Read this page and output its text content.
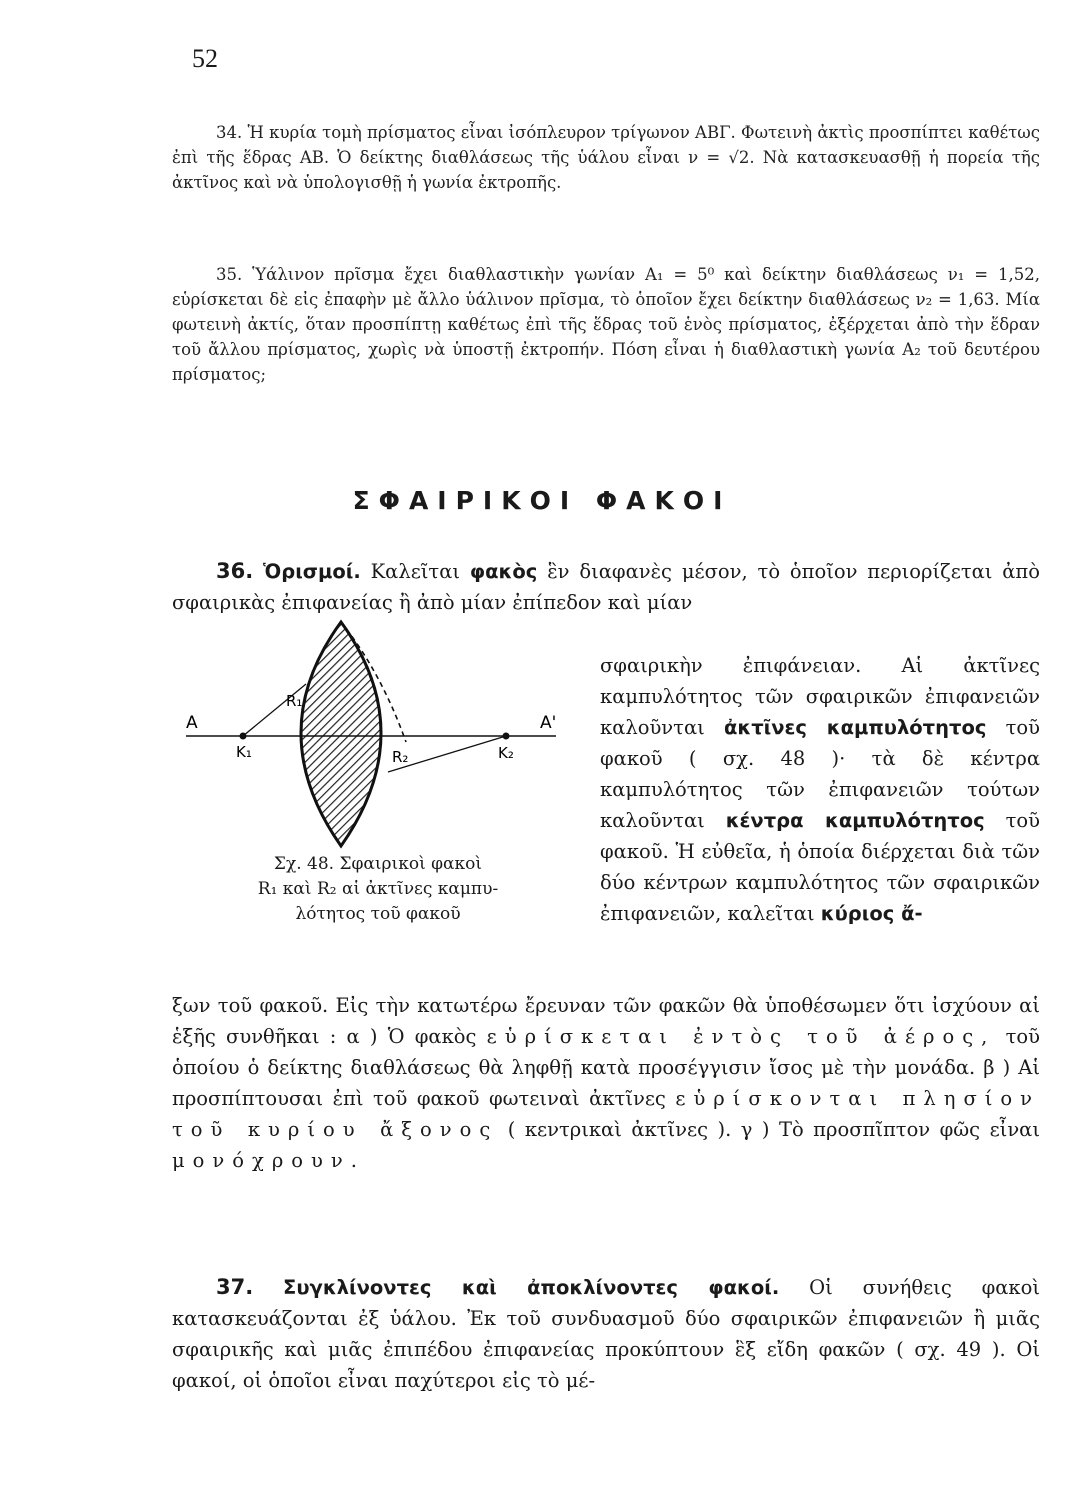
52

34. Ἡ κυρία τομὴ πρίσματος εἶναι ἰσόπλευρον τρίγωνον ΑΒΓ. Φωτεινὴ ἀκτὶς προσπίπτει καθέτως ἐπὶ τῆς ἕδρας ΑΒ. Ὁ δείκτης διαθλάσεως τῆς ὑάλου εἶναι ν = √2. Νὰ κατασκευασθῇ ἡ πορεία τῆς ἀκτῖνος καὶ νὰ ὑπολογισθῇ ἡ γωνία ἐκτροπῆς.

35. Ὑάλινον πρῖσμα ἔχει διαθλαστικὴν γωνίαν Α₁ = 5⁰ καὶ δείκτην διαθλάσεως ν₁ = 1,52, εὑρίσκεται δὲ εἰς ἐπαφὴν μὲ ἄλλο ὑάλινον πρῖσμα, τὸ ὁποῖον ἔχει δείκτην διαθλάσεως ν₂ = 1,63. Μία φωτεινὴ ἀκτίς, ὅταν προσπίπτῃ καθέτως ἐπὶ τῆς ἕδρας τοῦ ἑνὸς πρίσματος, ἐξέρχεται ἀπὸ τὴν ἕδραν τοῦ ἄλλου πρίσματος, χωρὶς νὰ ὑποστῇ ἐκτροπήν. Πόση εἶναι ἡ διαθλαστικὴ γωνία Α₂ τοῦ δευτέρου πρίσματος;

ΣΦΑΙΡΙΚΟΙ ΦΑΚΟΙ
36. Ὁρισμοί. Καλεῖται φακὸς ἓν διαφανὲς μέσον, τὸ ὁποῖον περιορίζεται ἀπὸ σφαιρικὰς ἐπιφανείας ἢ ἀπὸ μίαν ἐπίπεδον καὶ μίαν
A	A'
K₁	K₂
R₁
R₂
Σχ. 48. Σφαιρικοὶ φακοὶ
R₁ καὶ R₂ αἱ ἀκτῖνες καμπυ-
λότητος τοῦ φακοῦ
σφαιρικὴν ἐπιφάνειαν. Αἱ ἀκτῖνες καμπυλότητος τῶν σφαιρικῶν ἐπιφανειῶν καλοῦνται ἀκτῖνες καμπυλότητος τοῦ φακοῦ ( σχ. 48 )· τὰ δὲ κέντρα καμπυλότητος τῶν ἐπιφανειῶν τούτων καλοῦνται κέντρα καμπυλότητος τοῦ φακοῦ. Ἡ εὐθεῖα, ἡ ὁποία διέρχεται διὰ τῶν δύο κέντρων καμπυλότητος τῶν σφαιρικῶν ἐπιφανειῶν, καλεῖται κύριος ἄ-
ξων τοῦ φακοῦ. Εἰς τὴν κατωτέρω ἔρευναν τῶν φακῶν θὰ ὑποθέσωμεν ὅτι ἰσχύουν αἱ ἑξῆς συνθῆκαι : α ) Ὁ φακὸς εὑρίσκεται ἐντὸς τοῦ ἀέρος, τοῦ ὁποίου ὁ δείκτης διαθλάσεως θὰ ληφθῇ κατὰ προσέγγισιν ἴσος μὲ τὴν μονάδα. β ) Αἱ προσπίπτουσαι ἐπὶ τοῦ φακοῦ φωτειναὶ ἀκτῖνες εὑρίσκονται πλησίον τοῦ κυρίου ἄξονος ( κεντρικαὶ ἀκτῖνες ). γ ) Τὸ προσπῖπτον φῶς εἶναι μονόχρουν.
37. Συγκλίνοντες καὶ ἀποκλίνοντες φακοί. Οἱ συνήθεις φακοὶ κατασκευάζονται ἐξ ὑάλου. Ἐκ τοῦ συνδυασμοῦ δύο σφαιρικῶν ἐπιφανειῶν ἢ μιᾶς σφαιρικῆς καὶ μιᾶς ἐπιπέδου ἐπιφανείας προκύπτουν ἓξ εἴδη φακῶν ( σχ. 49 ). Οἱ φακοί, οἱ ὁποῖοι εἶναι παχύτεροι εἰς τὸ μέ-
